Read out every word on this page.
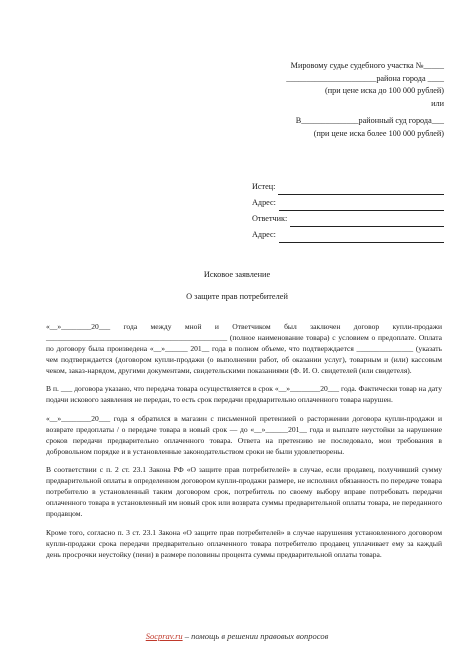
Мировому судье судебного участка №_____
______________________района города ____
(при цене иска до 100 000 рублей)
или
В______________районный суд города___
(при цене иска более 100 000 рублей)
Истец:
Адрес:
Ответчик:
Адрес:
Исковое заявление
О защите прав потребителей

«__»________20___ года между мной и Ответчиком был заключен договор купли-продажи ________________________________________________ (полное наименование товара) с условием о предоплате. Оплата по договору была произведена «__»______ 201__ года в полном объеме, что подтверждается _______________ (указать чем подтверждается (договором купли-продажи (о выполнении работ, об оказании услуг), товарным и (или) кассовым чеком, заказ-нарядом, другими документами, свидетельскими показаниями (Ф. И. О. свидетелей (или свидетеля).

В п. ___ договора указано, что передача товара осуществляется в срок «__»________20___ года. Фактически товар на дату подачи искового заявления не передан, то есть срок передачи предварительно оплаченного товара нарушен.

«__»________20___ года я обратился в магазин с письменной претензией о расторжении договора купли-продажи и возврате предоплаты / о передаче товара в новый срок — до «__»______201__ года и выплате неустойки за нарушение сроков передачи предварительно оплаченного товара. Ответа на претензию не последовало, мои требования в добровольном порядке и в установленные законодательством сроки не были удовлетворены.

В соответствии с п. 2 ст. 23.1 Закона РФ «О защите прав потребителей» в случае, если продавец, получивший сумму предварительной оплаты в определенном договором купли-продажи размере, не исполнил обязанность по передаче товара потребителю в установленный таким договором срок, потребитель по своему выбору вправе потребовать передачи оплаченного товара в установленный им новый срок или возврата суммы предварительной оплаты товара, не переданного продавцом.

Кроме того, согласно п. 3 ст. 23.1 Закона «О защите прав потребителей» в случае нарушения установленного договором купли-продажи срока передачи предварительно оплаченного товара потребителю продавец уплачивает ему за каждый день просрочки неустойку (пени) в размере половины процента суммы предварительной оплаты товара.

Socprav.ru – помощь в решении правовых вопросов
